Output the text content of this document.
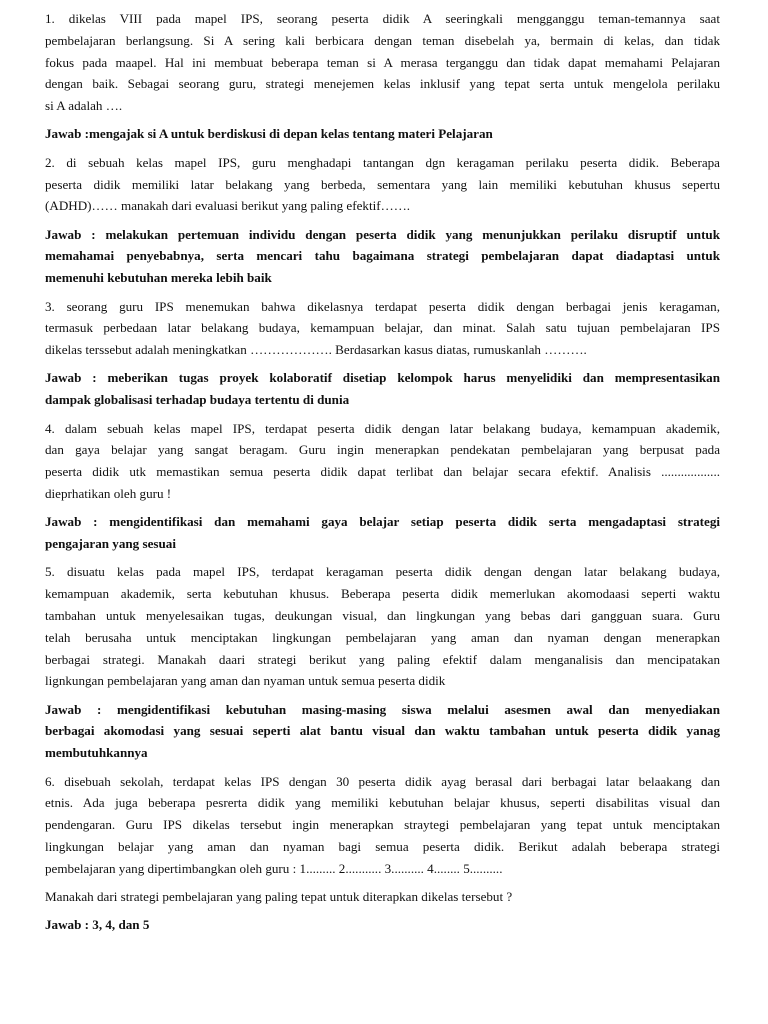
1. dikelas VIII pada mapel IPS, seorang peserta didik A seeringkali mengganggu teman-temannya saat
pembelajaran berlangsung. Si A sering kali berbicara dengan teman disebelah ya, bermain di kelas, dan tidak
fokus pada maapel. Hal ini membuat beberapa teman si A merasa terganggu dan tidak dapat memahami Pelajaran
dengan baik. Sebagai seorang guru, strategi menejemen kelas inklusif yang tepat serta untuk mengelola perilaku
si A adalah ….
Jawab :mengajak si A untuk berdiskusi di depan kelas tentang materi Pelajaran
2. di sebuah kelas mapel IPS, guru menghadapi tantangan dgn keragaman perilaku peserta didik. Beberapa
peserta didik memiliki latar belakang yang berbeda, sementara yang lain memiliki kebutuhan khusus sepertu
(ADHD)…… manakah dari evaluasi berikut yang paling efektif…….
Jawab : melakukan pertemuan individu dengan peserta didik yang menunjukkan perilaku disruptif untuk
memahamai penyebabnya, serta mencari tahu bagaimana strategi pembelajaran dapat diadaptasi untuk
memenuhi kebutuhan mereka lebih baik
3. seorang guru IPS menemukan bahwa dikelasnya terdapat peserta didik dengan berbagai jenis keragaman,
termasuk perbedaan latar belakang budaya, kemampuan belajar, dan minat. Salah satu tujuan pembelajaran IPS
dikelas terssebut adalah meningkatkan ………………. Berdasarkan kasus diatas, rumuskanlah ……….
Jawab : meberikan tugas proyek kolaboratif disetiap kelompok harus menyelidiki dan mempresentasikan
dampak globalisasi terhadap budaya tertentu di dunia
4. dalam sebuah kelas mapel IPS, terdapat peserta didik dengan latar belakang budaya, kemampuan akademik,
dan gaya belajar yang sangat beragam. Guru ingin menerapkan pendekatan pembelajaran yang berpusat pada
peserta didik utk memastikan semua peserta didik dapat terlibat dan belajar secara efektif. Analisis ..................
dieprhatikan oleh guru !
Jawab : mengidentifikasi dan memahami gaya belajar setiap peserta didik serta mengadaptasi strategi
pengajaran yang sesuai
5. disuatu kelas pada mapel IPS, terdapat keragaman peserta didik dengan dengan latar belakang budaya,
kemampuan akademik, serta kebutuhan khusus. Beberapa peserta didik memerlukan akomodaasi seperti waktu
tambahan untuk menyelesaikan tugas, deukungan visual, dan lingkungan yang bebas dari gangguan suara. Guru
telah berusaha untuk menciptakan lingkungan pembelajaran yang aman dan nyaman dengan menerapkan
berbagai strategi. Manakah daari strategi berikut yang paling efektif dalam menganalisis dan mencipatakan
lignkungan pembelajaran yang aman dan nyaman untuk semua peserta didik
Jawab : mengidentifikasi kebutuhan masing-masing siswa melalui asesmen awal dan menyediakan
berbagai akomodasi yang sesuai seperti alat bantu visual dan waktu tambahan untuk peserta didik yanag
membutuhkannya
6. disebuah sekolah, terdapat kelas IPS dengan 30 peserta didik ayag berasal dari berbagai latar belaakang dan
etnis. Ada juga beberapa pesrerta didik yang memiliki kebutuhan belajar khusus, seperti disabilitas visual dan
pendengaran. Guru IPS dikelas tersebut ingin menerapkan straytegi pembelajaran yang tepat untuk menciptakan
lingkungan belajar yang aman dan nyaman bagi semua peserta didik. Berikut adalah beberapa strategi
pembelajaran yang dipertimbangkan oleh guru : 1......... 2........... 3.......... 4........ 5..........
Manakah dari strategi pembelajaran yang paling tepat untuk diterapkan dikelas tersebut ?
Jawab : 3, 4, dan 5
